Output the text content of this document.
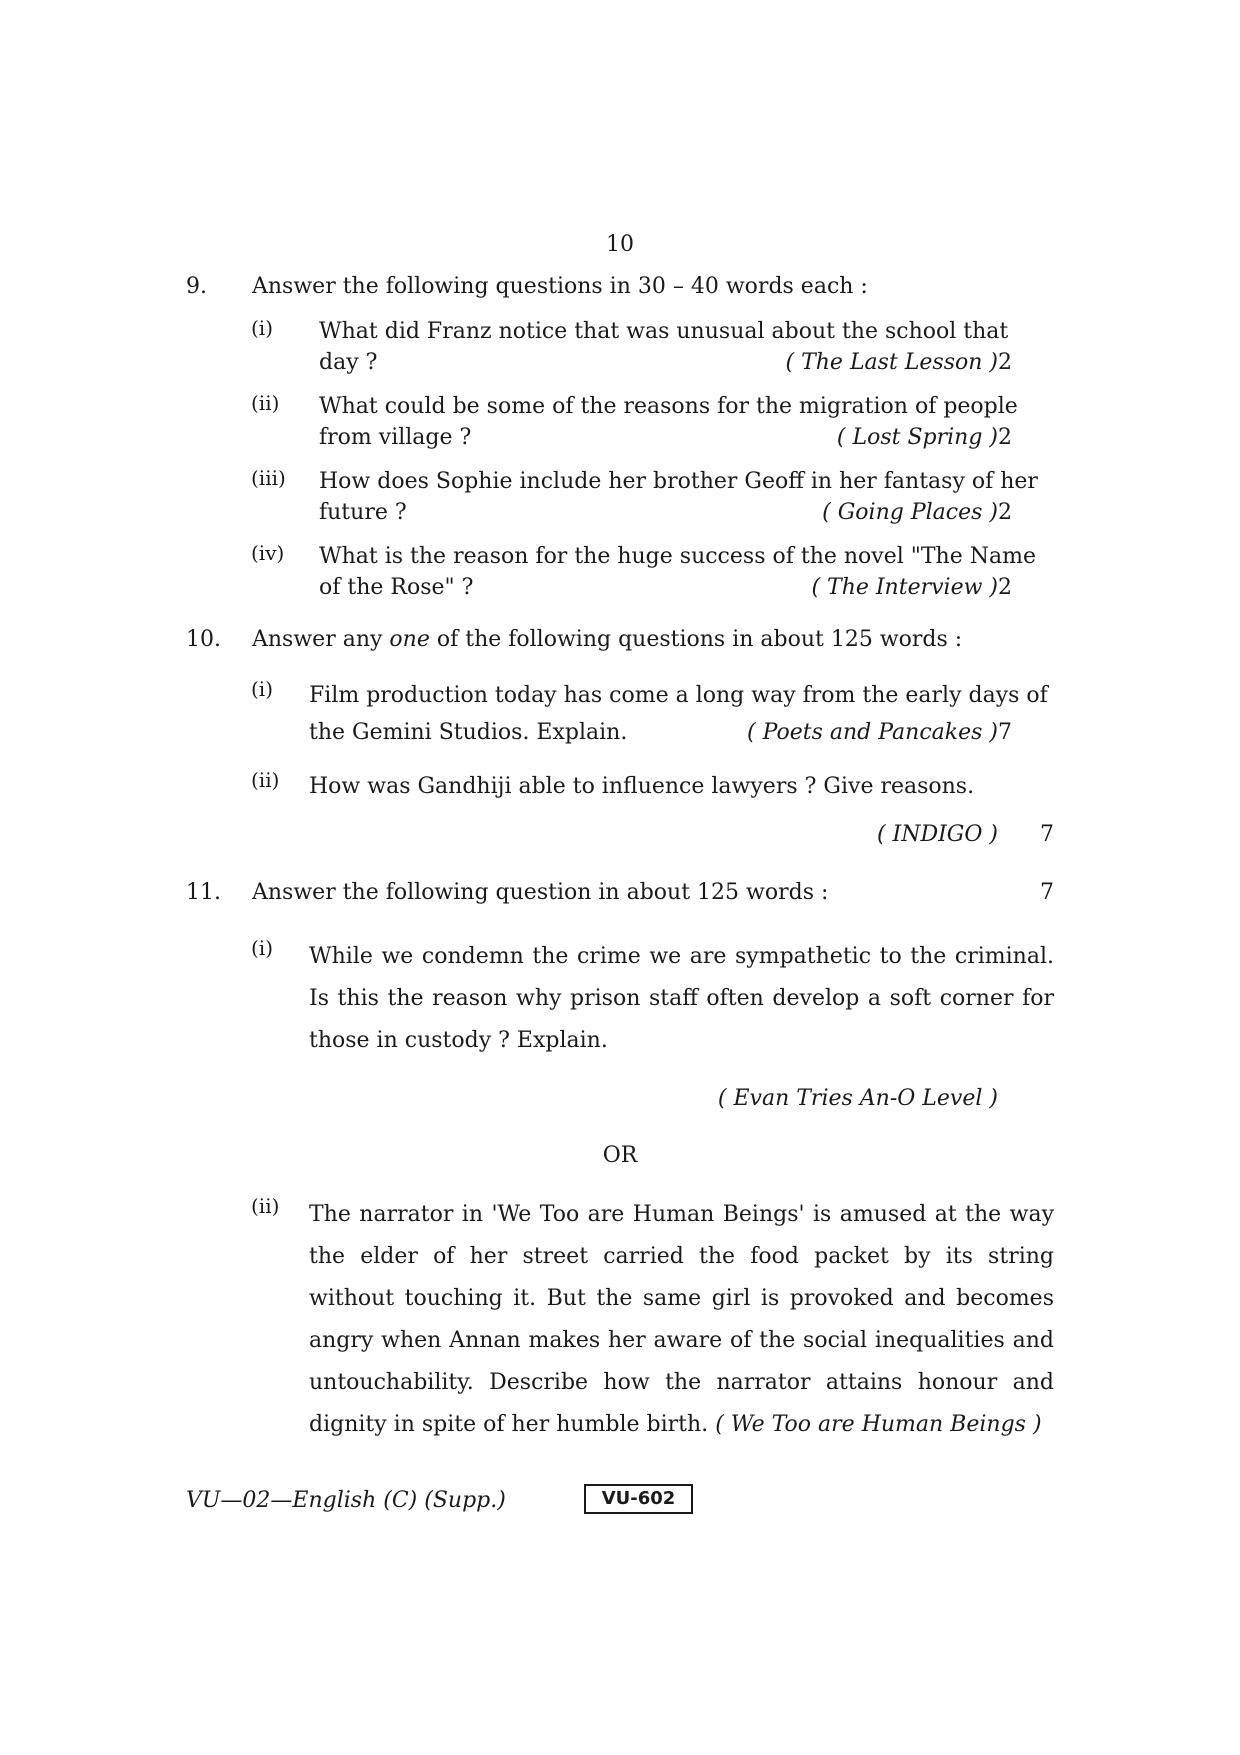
10
9. Answer the following questions in 30 – 40 words each :
(i) What did Franz notice that was unusual about the school that
day ?	( The Last Lesson ) 2
(ii) What could be some of the reasons for the migration of people
from village ?	( Lost Spring ) 2
(iii) How does Sophie include her brother Geoff in her fantasy of her
future ?	( Going Places ) 2
(iv) What is the reason for the huge success of the novel "The Name
of the Rose" ?	( The Interview ) 2
10. Answer any one of the following questions in about 125 words :
(i) Film production today has come a long way from the early days of
the Gemini Studios. Explain.	( Poets and Pancakes ) 7
(ii) How was Gandhiji able to influence lawyers ? Give reasons.
( INDIGO ) 7
11. Answer the following question in about 125 words :	7
(i) While we condemn the crime we are sympathetic to the criminal. Is this the reason why prison staff often develop a soft corner for those in custody ? Explain.
( Evan Tries An-O Level )
OR
(ii) The narrator in 'We Too are Human Beings' is amused at the way the elder of her street carried the food packet by its string without touching it. But the same girl is provoked and becomes angry when Annan makes her aware of the social inequalities and untouchability. Describe how the narrator attains honour and dignity in spite of her humble birth. ( We Too are Human Beings )
VU—02—English (C) (Supp.)	VU-602
